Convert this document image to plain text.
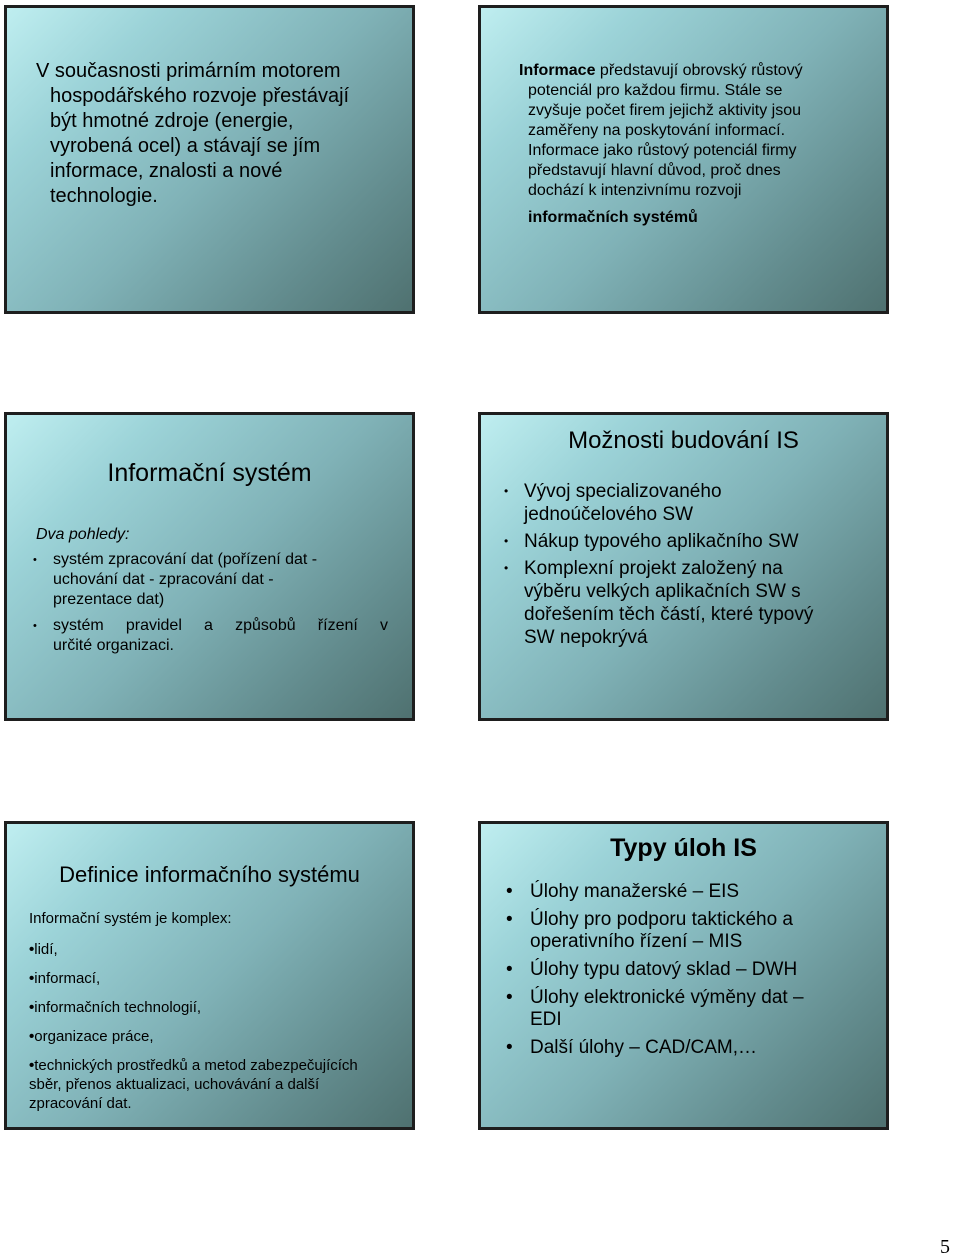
V současnosti primárním motorem
hospodářského rozvoje přestávají
být hmotné zdroje (energie,
vyrobená ocel) a stávají se jím
informace, znalosti a nové
technologie.
Informace představují obrovský růstový
potenciál pro každou firmu. Stále se
zvyšuje počet firem jejichž aktivity jsou
zaměřeny na poskytování informací.
Informace jako růstový potenciál firmy
představují hlavní důvod, proč dnes
dochází k intenzivnímu rozvoji
informačních systémů
Informační systém
Dva pohledy:
• systém zpracování dat (pořízení dat -
uchování dat - zpracování dat -
prezentace dat)
• systém pravidel a způsobů řízení v
určité organizaci.
Možnosti budování IS
• Vývoj specializovaného
jednoúčelového SW
• Nákup typového aplikačního SW
• Komplexní projekt založený na
výběru velkých aplikačních SW s
dořešením těch částí, které typový
SW nepokrývá
Definice informačního systému
Informační systém je komplex:
•lidí,
•informací,
•informačních technologií,
•organizace práce,
•technických prostředků a metod zabezpečujících
sběr, přenos aktualizaci, uchovávání a další
zpracování dat.
Typy úloh IS
• Úlohy manažerské – EIS
• Úlohy pro podporu taktického a
operativního řízení – MIS
• Úlohy typu datový sklad – DWH
• Úlohy elektronické výměny dat –
EDI
• Další úlohy – CAD/CAM,…
5
